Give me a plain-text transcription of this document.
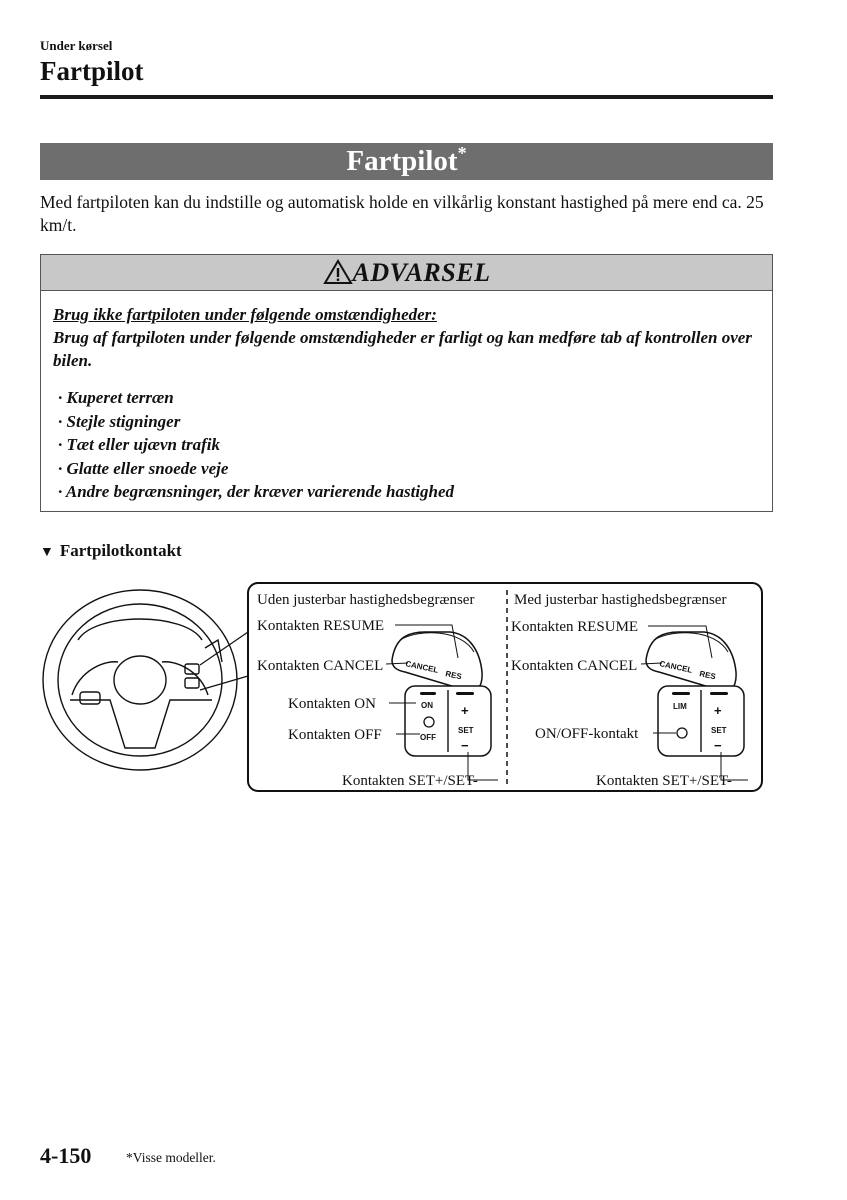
Under kørsel
Fartpilot
Fartpilot*
Med fartpiloten kan du indstille og automatisk holde en vilkårlig konstant hastighed på mere end ca. 25 km/t.
ADVARSEL
Brug ikke fartpiloten under følgende omstændigheder:
Brug af fartpiloten under følgende omstændigheder er farligt og kan medføre tab af kontrollen over bilen.
· Kuperet terræn
· Stejle stigninger
· Tæt eller ujævn trafik
· Glatte eller snoede veje
· Andre begrænsninger, der kræver varierende hastighed
▼ Fartpilotkontakt
Uden justerbar hastighedsbegrænser
Kontakten RESUME
Kontakten CANCEL
Kontakten ON
Kontakten OFF
Kontakten SET+/SET-
CANCEL
RES
ON
OFF
+
SET
−
Med justerbar hastighedsbegrænser
Kontakten RESUME
Kontakten CANCEL
ON/OFF-kontakt
Kontakten SET+/SET-
CANCEL
RES
LIM +
SET
−
4-150	*Visse modeller.
